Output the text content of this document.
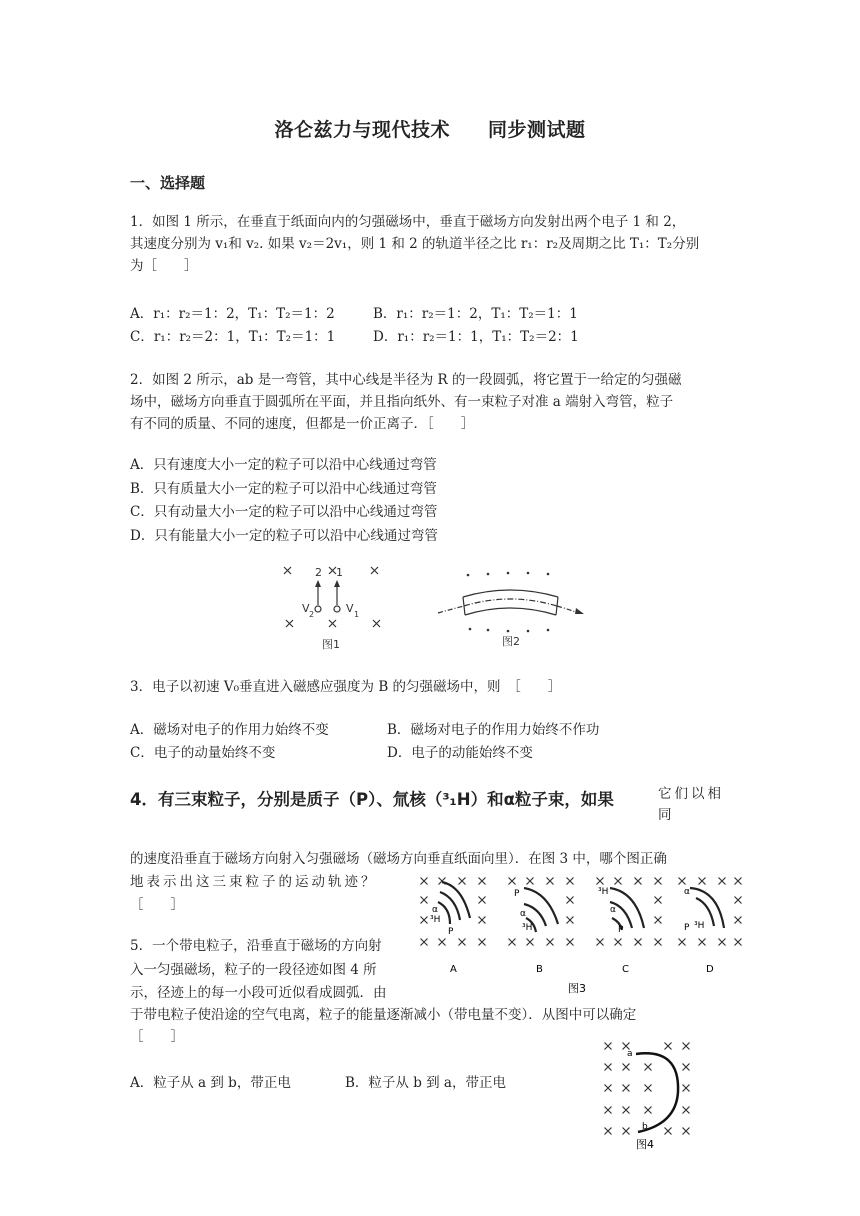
洛仑兹力与现代技术 同步测试题
一、选择题
1．如图 1 所示，在垂直于纸面向内的匀强磁场中，垂直于磁场方向发射出两个电子 1 和 2，
其速度分别为 v₁和 v₂. 如果 v₂＝2v₁，则 1 和 2 的轨道半径之比 r₁：r₂及周期之比 T₁：T₂分别
为［　　］
A．r₁：r₂＝1：2，T₁：T₂＝1：2	B．r₁：r₂＝1：2，T₁：T₂＝1：1
C．r₁：r₂＝2：1，T₁：T₂＝1：1	D．r₁：r₂＝1：1，T₁：T₂＝2：1
2．如图 2 所示，ab 是一弯管，其中心线是半径为 R 的一段圆弧，将它置于一给定的匀强磁
场中，磁场方向垂直于圆弧所在平面，并且指向纸外、有一束粒子对准 a 端射入弯管，粒子
有不同的质量、不同的速度，但都是一价正离子．［　　］
A．只有速度大小一定的粒子可以沿中心线通过弯管
B．只有质量大小一定的粒子可以沿中心线通过弯管
C．只有动量大小一定的粒子可以沿中心线通过弯管
D．只有能量大小一定的粒子可以沿中心线通过弯管
2 1
V 2	V 1
图1	图2
3．电子以初速 V₀垂直进入磁感应强度为 B 的匀强磁场中，则　［　　］
A．磁场对电子的作用力始终不变	B．磁场对电子的作用力始终不作功
C．电子的动量始终不变	D．电子的动能始终不变
4．有三束粒子，分别是质子（P）、氚核（³₁H）和α粒子束，如果	它们以相同
的速度沿垂直于磁场方向射入匀强磁场（磁场方向垂直纸面向里）．在图 3 中，哪个图正确
地表示出这三束粒子的运动轨迹？
［　　］	α
³H
P
A
P
α
³H
B
³H
α
P
C
α
P ³H
D
图3
5．一个带电粒子，沿垂直于磁场的方向射
入一匀强磁场，粒子的一段径迹如图 4 所
示，径迹上的每一小段可近似看成圆弧．由
于带电粒子使沿途的空气电离，粒子的能量逐渐减小（带电量不变）．从图中可以确定
［　　］
A．粒子从 a 到 b，带正电	B．粒子从 b 到 a，带正电
a
b
图4
